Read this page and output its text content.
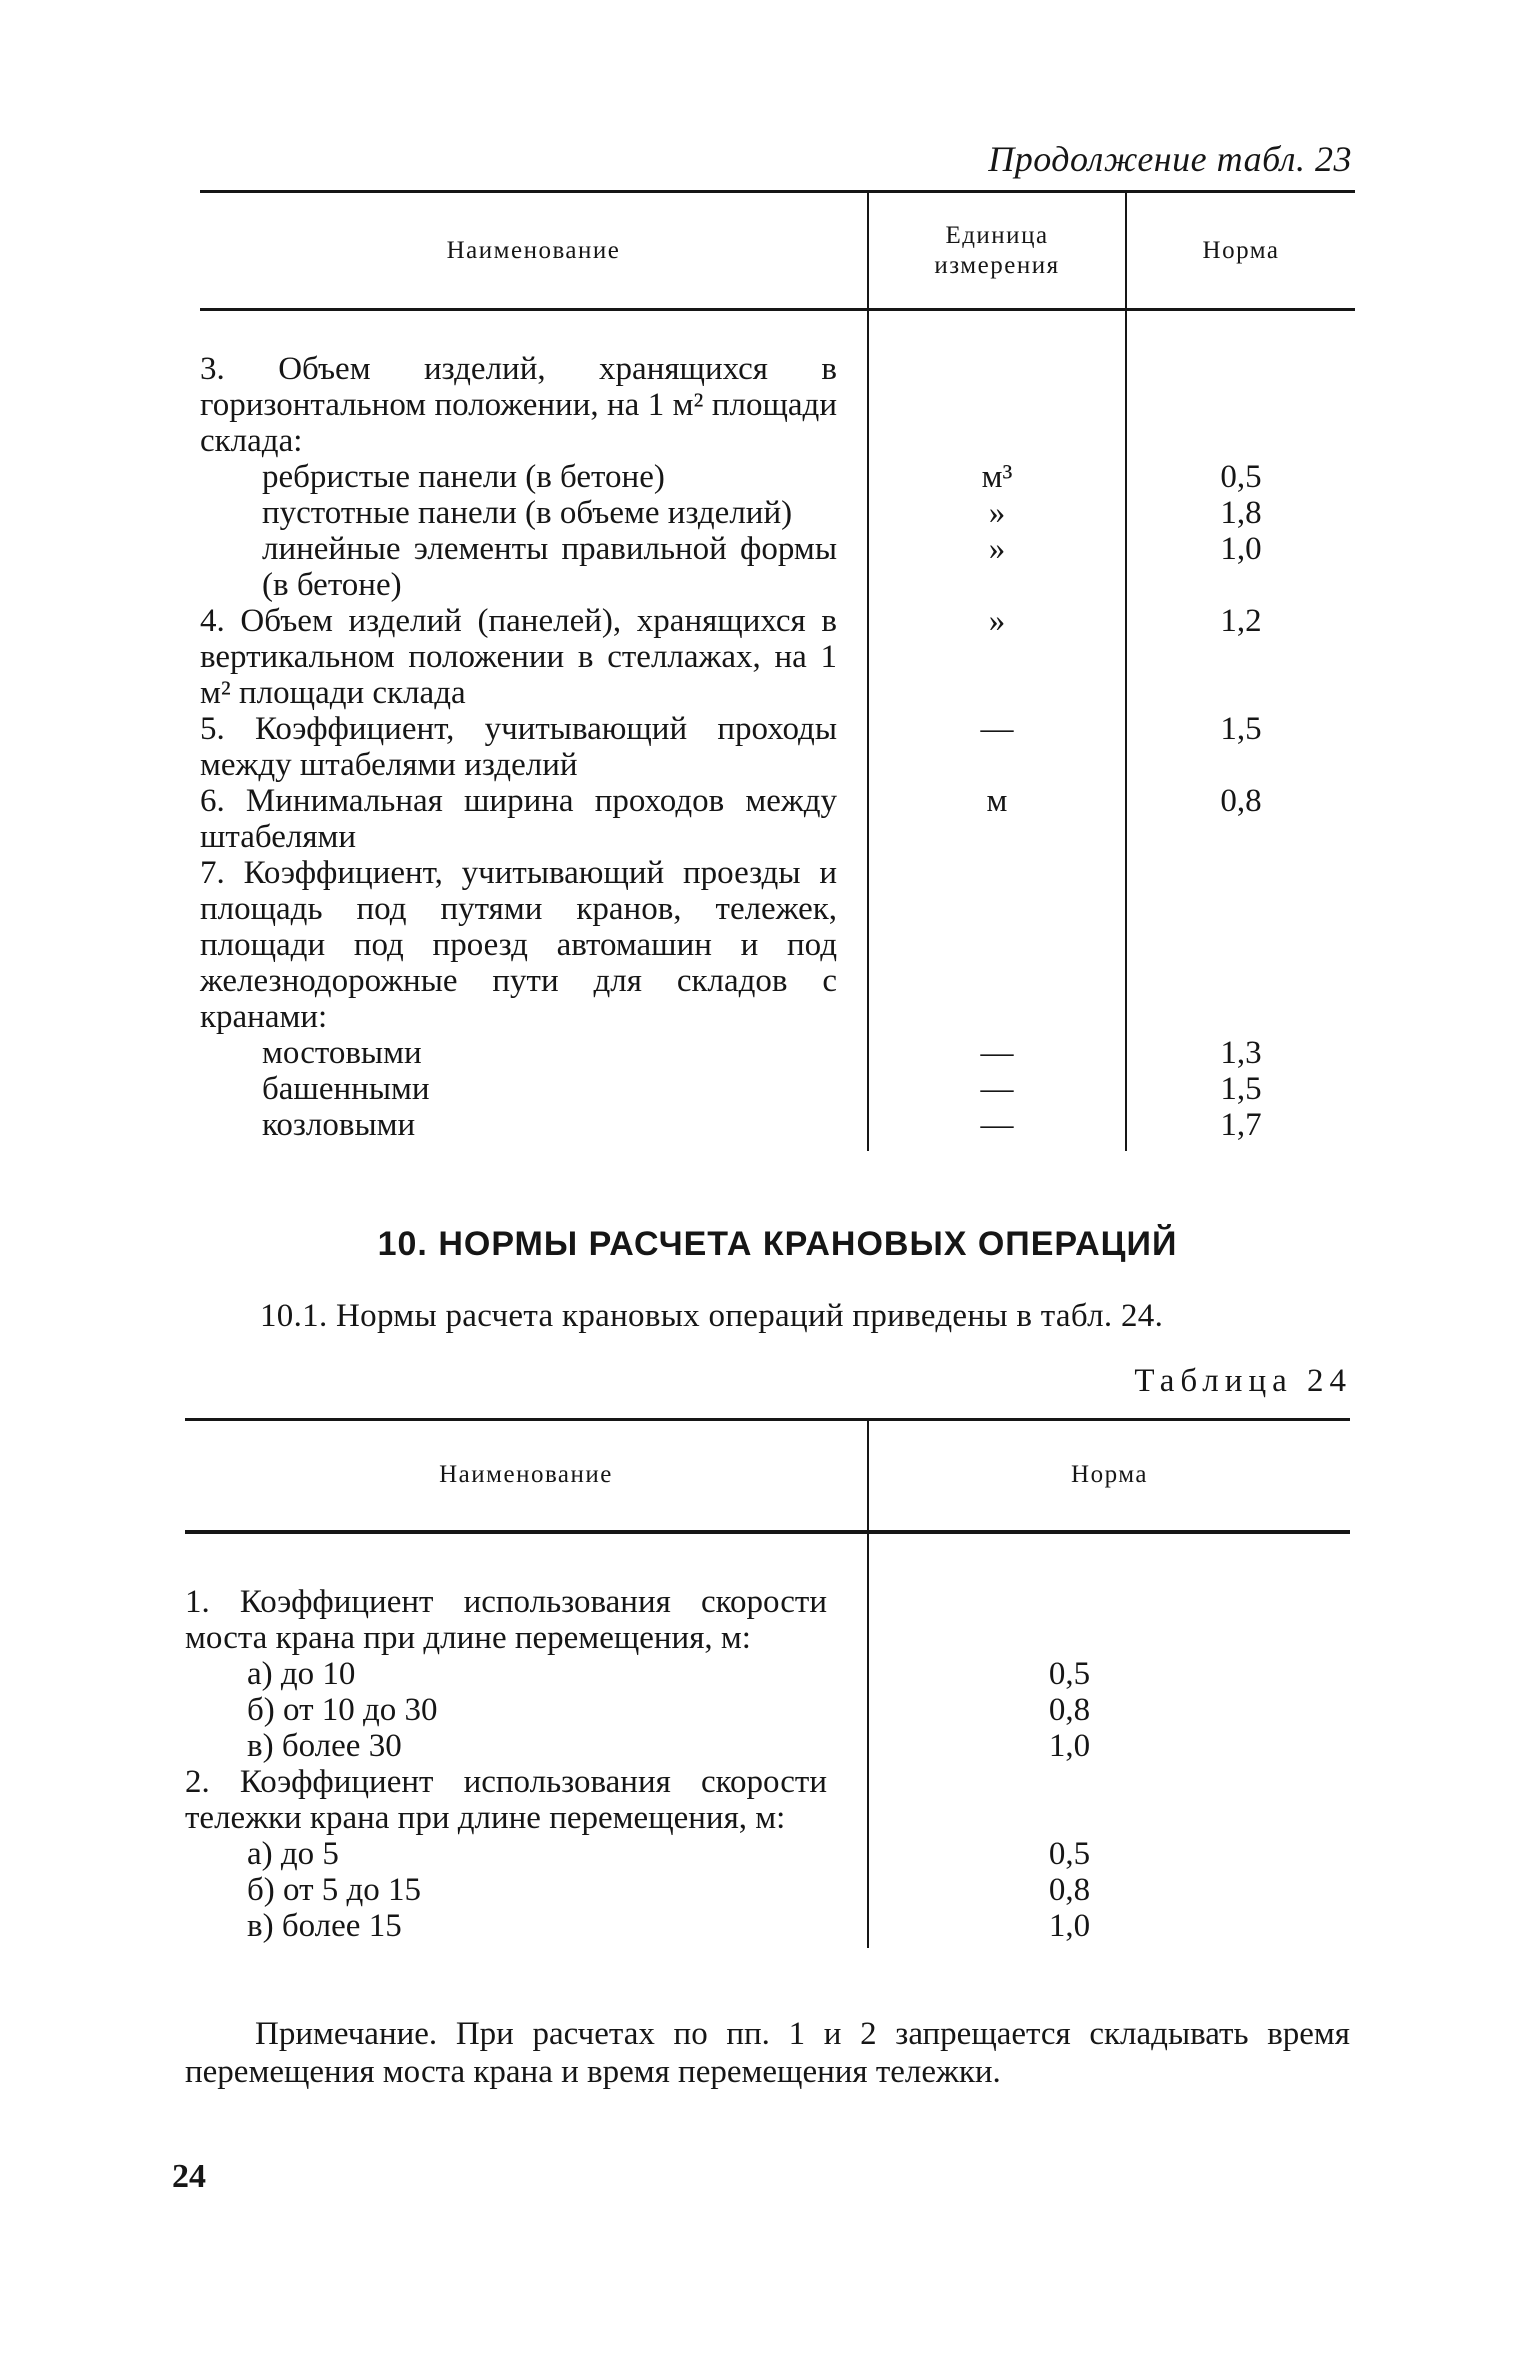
Продолжение табл. 23
Наименование	Единица измерения	Норма
3. Объем изделий, хранящихся в горизонтальном положении, на 1 м² площади склада:		
ребристые панели (в бетоне)	м³	0,5
пустотные панели (в объеме изделий)	»	1,8
линейные элементы правильной формы (в бетоне)	»	1,0
4. Объем изделий (панелей), хранящихся в вертикальном положении в стеллажах, на 1 м² площади склада	»	1,2
5. Коэффициент, учитывающий проходы между штабелями изделий	—	1,5
6. Минимальная ширина проходов между штабелями	м	0,8
7. Коэффициент, учитывающий проезды и площадь под путями кранов, тележек, площади под проезд автомашин и под железнодорожные пути для складов с кранами:		
мостовыми	—	1,3
башенными	—	1,5
козловыми	—	1,7
10. НОРМЫ РАСЧЕТА КРАНОВЫХ ОПЕРАЦИЙ
10.1. Нормы расчета крановых операций приведены в табл. 24.
Таблица 24
Наименование	Норма
1. Коэффициент использования скорости моста крана при длине перемещения, м:	
а) до 10	0,5
б) от 10 до 30	0,8
в) более 30	1,0
2. Коэффициент использования скорости тележки крана при длине перемещения, м:	
а) до 5	0,5
б) от 5 до 15	0,8
в) более 15	1,0
Примечание. При расчетах по пп. 1 и 2 запрещается складывать время перемещения моста крана и время перемещения тележки.
24
